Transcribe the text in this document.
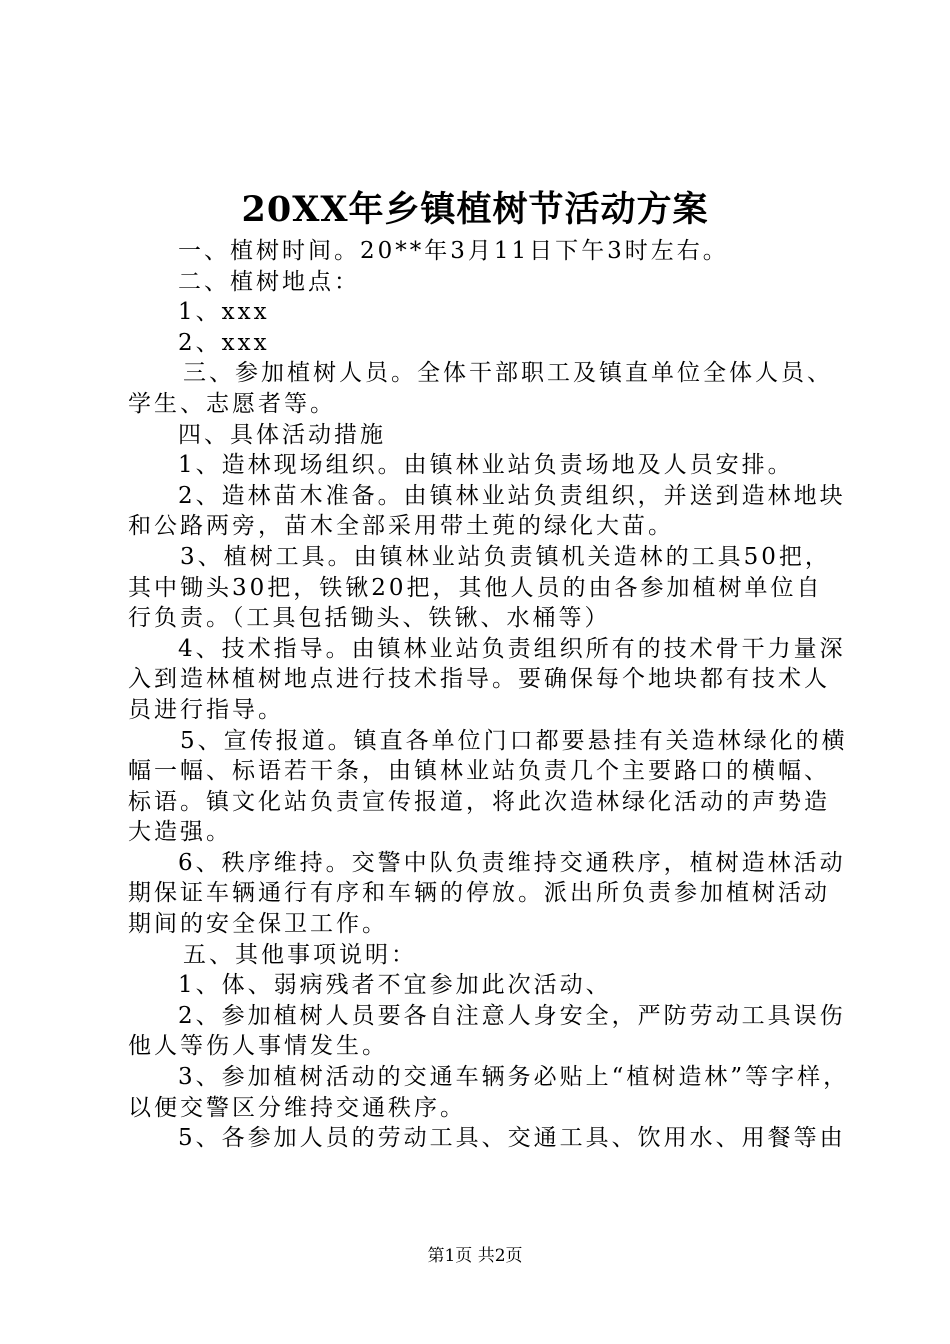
20XX年乡镇植树节活动方案
一、植树时间。20**年3月11日下午3时左右。
二、植树地点：
1、xxx
2、xxx
三、参加植树人员。全体干部职工及镇直单位全体人员、
学生、志愿者等。
四、具体活动措施
1、造林现场组织。由镇林业站负责场地及人员安排。
2、造林苗木准备。由镇林业站负责组织，并送到造林地块
和公路两旁，苗木全部采用带土蔸的绿化大苗。
3、植树工具。由镇林业站负责镇机关造林的工具50把，
其中锄头30把，铁锹20把，其他人员的由各参加植树单位自
行负责。（工具包括锄头、铁锹、水桶等）
4、技术指导。由镇林业站负责组织所有的技术骨干力量深
入到造林植树地点进行技术指导。要确保每个地块都有技术人
员进行指导。
5、宣传报道。镇直各单位门口都要悬挂有关造林绿化的横
幅一幅、标语若干条，由镇林业站负责几个主要路口的横幅、
标语。镇文化站负责宣传报道，将此次造林绿化活动的声势造
大造强。
6、秩序维持。交警中队负责维持交通秩序，植树造林活动
期保证车辆通行有序和车辆的停放。派出所负责参加植树活动
期间的安全保卫工作。
五、其他事项说明：
1、体、弱病残者不宜参加此次活动、
2、参加植树人员要各自注意人身安全，严防劳动工具误伤
他人等伤人事情发生。
3、参加植树活动的交通车辆务必贴上“植树造林”等字样，
以便交警区分维持交通秩序。
5、各参加人员的劳动工具、交通工具、饮用水、用餐等由
第1页 共2页
